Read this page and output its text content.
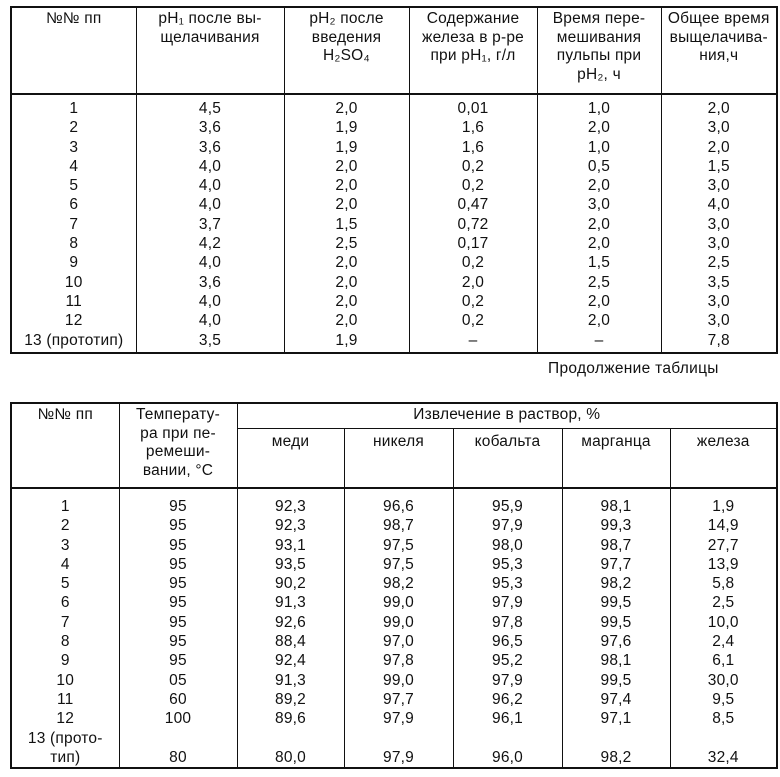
№№ пп	pH₁ после вы-
щелачивания	pH₂ после
введения
H₂SO₄	Содержание
железа в р-ре
при pH₁, г/л	Время пере-
мешивания
пульпы при
pH₂, ч	Общее время
выщелачива-
ния,ч
1	4,5	2,0	0,01	1,0	2,0
2	3,6	1,9	1,6	2,0	3,0
3	3,6	1,9	1,6	1,0	2,0
4	4,0	2,0	0,2	0,5	1,5
5	4,0	2,0	0,2	2,0	3,0
6	4,0	2,0	0,47	3,0	4,0
7	3,7	1,5	0,72	2,0	3,0
8	4,2	2,5	0,17	2,0	3,0
9	4,0	2,0	0,2	1,5	2,5
10	3,6	2,0	2,0	2,5	3,5
11	4,0	2,0	0,2	2,0	3,0
12	4,0	2,0	0,2	2,0	3,0
13 (прототип)	3,5	1,9	–	–	7,8
Продолжение таблицы
№№ пп	Температу-
ра при пе-
ремеши-
вании, °С	Извлечение в раствор, %				
		меди	никеля	кобальта	марганца	железа
1	95	92,3	96,6	95,9	98,1	1,9
2	95	92,3	98,7	97,9	99,3	14,9
3	95	93,1	97,5	98,0	98,7	27,7
4	95	93,5	97,5	95,3	97,7	13,9
5	95	90,2	98,2	95,3	98,2	5,8
6	95	91,3	99,0	97,9	99,5	2,5
7	95	92,6	99,0	97,8	99,5	10,0
8	95	88,4	97,0	96,5	97,6	2,4
9	95	92,4	97,8	95,2	98,1	6,1
10	05	91,3	99,0	97,9	99,5	30,0
11	60	89,2	97,7	96,2	97,4	9,5
12	100	89,6	97,9	96,1	97,1	8,5
13 (прото-
тип)	80	80,0	97,9	96,0	98,2	32,4
